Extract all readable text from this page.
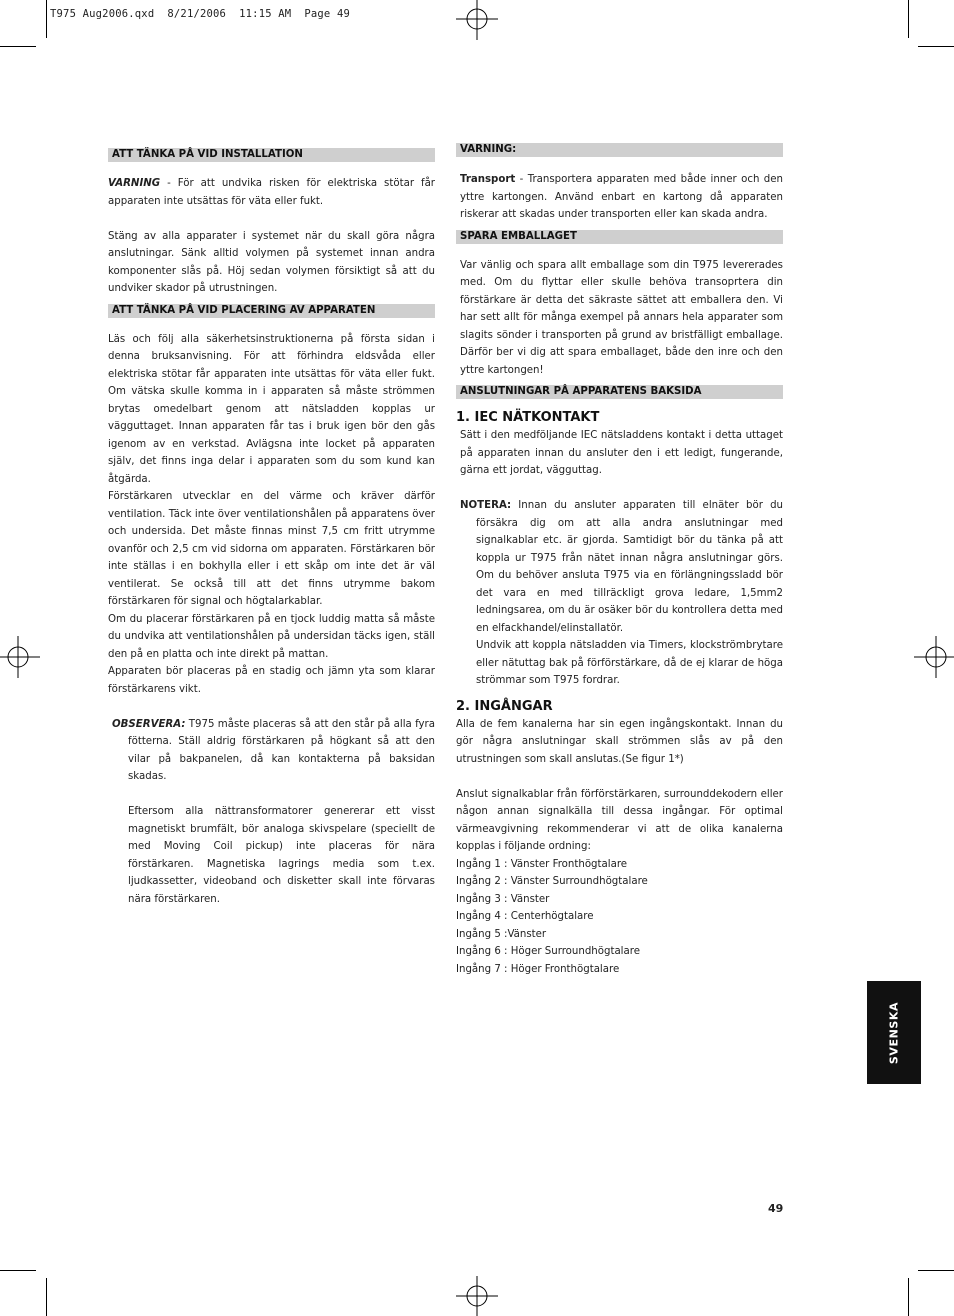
T975 Aug2006.qxd  8/21/2006  11:15 AM  Page 49
ATT TÄNKA PÅ VID INSTALLATION

VARNING - För att undvika risken för elektriska stötar får apparaten inte utsättas för väta eller fukt.

Stäng av alla apparater i systemet när du skall göra några anslutningar. Sänk alltid volymen på systemet innan andra komponenter slås på. Höj sedan volymen försiktigt så att du undviker skador på utrustningen.

ATT TÄNKA PÅ VID PLACERING AV APPARATEN

Läs och följ alla säkerhetsinstruktionerna på första sidan i denna bruksanvisning. För att förhindra eldsvåda eller elektriska stötar får apparaten inte utsättas för väta eller fukt. Om vätska skulle komma in i apparaten så måste strömmen brytas omedelbart genom att nätsladden kopplas ur vägguttaget. Innan apparaten får tas i bruk igen bör den gås igenom av en verkstad. Avlägsna inte locket på apparaten själv, det finns inga delar i apparaten som du som kund kan åtgärda.

Förstärkaren utvecklar en del värme och kräver därför ventilation. Täck inte över ventilationshålen på apparatens över och undersida. Det måste finnas minst 7,5 cm fritt utrymme ovanför och 2,5 cm vid sidorna om apparaten. Förstärkaren bör inte ställas i en bokhylla eller i ett skåp om inte det är väl ventilerat. Se också till att det finns utrymme bakom förstärkaren för signal och högtalarkablar.

Om du placerar förstärkaren på en tjock luddig matta så måste du undvika att ventilationshålen på undersidan täcks igen, ställ den på en platta och inte direkt på mattan.

Apparaten bör placeras på en stadig och jämn yta som klarar förstärkarens vikt.

OBSERVERA: T975 måste placeras så att den står på alla fyra fötterna. Ställ aldrig förstärkaren på högkant så att den vilar på bakpanelen, då kan kontakterna på baksidan skadas.

Eftersom alla nättransformatorer genererar ett visst magnetiskt brumfält, bör analoga skivspelare (speciellt de med Moving Coil pickup) inte placeras för nära förstärkaren. Magnetiska lagrings media som t.ex. ljudkassetter, videoband och disketter skall inte förvaras nära förstärkaren.

VARNING:

Transport - Transportera apparaten med både inner och den yttre kartongen. Använd enbart en kartong då apparaten riskerar att skadas under transporten eller kan skada andra.

SPARA EMBALLAGET

Var vänlig och spara allt emballage som din T975 levererades med. Om du flyttar eller skulle behöva transoprtera din förstärkare är detta det säkraste sättet att emballera den. Vi har sett allt för många exempel på annars hela apparater som slagits sönder i transporten på grund av bristfälligt emballage. Därför ber vi dig att spara emballaget, både den inre och den yttre kartongen!

ANSLUTNINGAR PÅ APPARATENS BAKSIDA
1. IEC NÄTKONTAKT

Sätt i den medföljande IEC nätsladdens kontakt i detta uttaget på apparaten innan du ansluter den i ett ledigt, fungerande, gärna ett jordat, vägguttag.

NOTERA: Innan du ansluter apparaten till elnäter bör du försäkra dig om att alla andra anslutningar med signalkablar etc. är gjorda. Samtidigt bör du tänka på att koppla ur T975 från nätet innan några anslutningar görs. Om du behöver ansluta T975 via en förlängningssladd bör det vara en med tillräckligt grova ledare, 1,5mm2 ledningsarea, om du är osäker bör du kontrollera detta med en elfackhandel/elinstallatör.

Undvik att koppla nätsladden via Timers, klockströmbrytare eller nätuttag bak på förförstärkare, då de ej klarar de höga strömmar som T975 fordrar.

2. INGÅNGAR

Alla de fem kanalerna har sin egen ingångskontakt. Innan du gör några anslutningar skall strömmen slås av på den utrustningen som skall anslutas.(Se figur 1*)

Anslut signalkablar från förförstärkaren, surrounddekodern eller någon annan signalkälla till dessa ingångar. För optimal värmeavgivning rekommenderar vi att de olika kanalerna kopplas i följande ordning:

Ingång 1 : Vänster Fronthögtalare
Ingång 2 : Vänster Surroundhögtalare
Ingång 3 : Vänster
Ingång 4 : Centerhögtalare
Ingång 5 :Vänster
Ingång 6 : Höger Surroundhögtalare
Ingång 7 : Höger Fronthögtalare
SVENSKA
49
